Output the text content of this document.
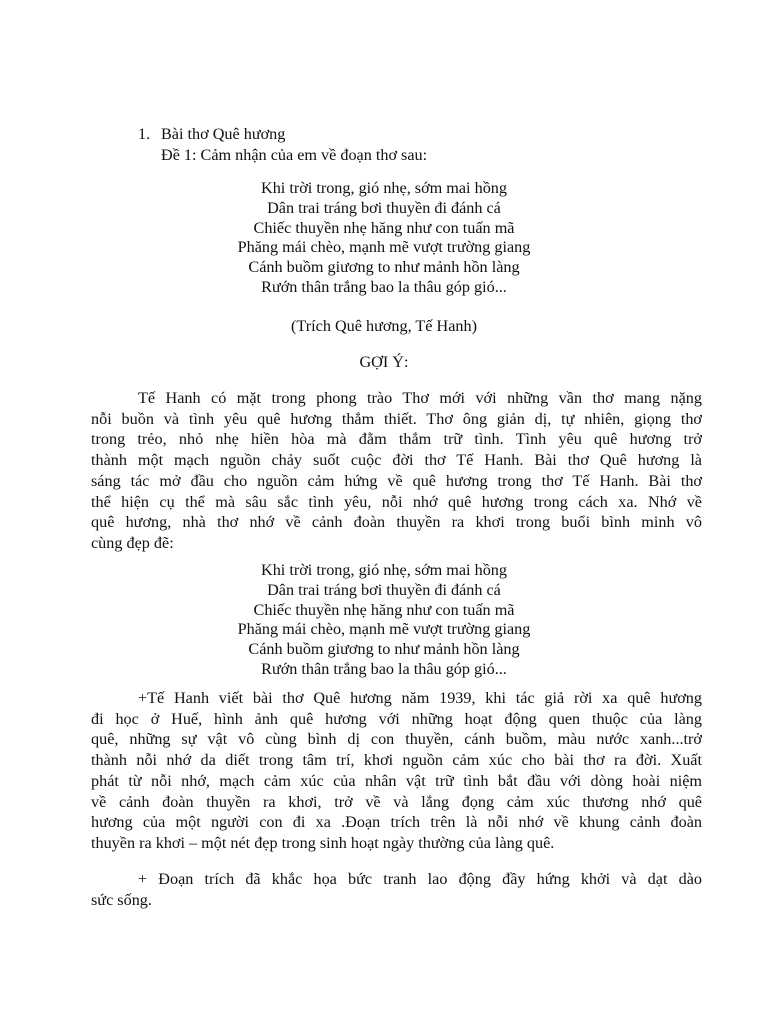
1. Bài thơ Quê hương
Đề 1: Cảm nhận của em về đoạn thơ sau:
Khi trời trong, gió nhẹ, sớm mai hồng
Dân trai tráng bơi thuyền đi đánh cá
Chiếc thuyền nhẹ hăng như con tuấn mã
Phăng mái chèo, mạnh mẽ vượt trường giang
Cánh buồm giương to như mảnh hồn làng
Rướn thân trắng bao la thâu góp gió...
(Trích Quê hương, Tế Hanh)
GỢI Ý:
Tế Hanh có mặt trong phong trào Thơ mới với những vần thơ mang nặng
nỗi buồn và tình yêu quê hương thắm thiết. Thơ ông giản dị, tự nhiên, giọng thơ
trong trẻo, nhỏ nhẹ hiền hòa mà đằm thắm trữ tình. Tình yêu quê hương trở
thành một mạch nguồn chảy suốt cuộc đời thơ Tế Hanh. Bài thơ Quê hương là
sáng tác mở đầu cho nguồn cảm hứng về quê hương trong thơ Tế Hanh. Bài thơ
thể hiện cụ thể mà sâu sắc tình yêu, nỗi nhớ quê hương trong cách xa. Nhớ về
quê hương, nhà thơ nhớ về cảnh đoàn thuyền ra khơi trong buổi bình minh vô
cùng đẹp đẽ:
Khi trời trong, gió nhẹ, sớm mai hồng
Dân trai tráng bơi thuyền đi đánh cá
Chiếc thuyền nhẹ hăng như con tuấn mã
Phăng mái chèo, mạnh mẽ vượt trường giang
Cánh buồm giương to như mảnh hồn làng
Rướn thân trắng bao la thâu góp gió...
+Tế Hanh viết bài thơ Quê hương năm 1939, khi tác giả rời xa quê hương
đi học ở Huế, hình ảnh quê hương với những hoạt động quen thuộc của làng
quê, những sự vật vô cùng bình dị con thuyền, cánh buồm, màu nước xanh...trở
thành nỗi nhớ da diết trong tâm trí, khơi nguồn cảm xúc cho bài thơ ra đời. Xuất
phát từ nỗi nhớ, mạch cảm xúc của nhân vật trữ tình bắt đầu với dòng hoài niệm
về cảnh đoàn thuyền ra khơi, trở về và lắng đọng cảm xúc thương nhớ quê
hương của một người con đi xa .Đoạn trích trên là nỗi nhớ về khung cảnh đoàn
thuyền ra khơi – một nét đẹp trong sinh hoạt ngày thường của làng quê.
+ Đoạn trích đã khắc họa bức tranh lao động đầy hứng khởi và dạt dào
sức sống.
